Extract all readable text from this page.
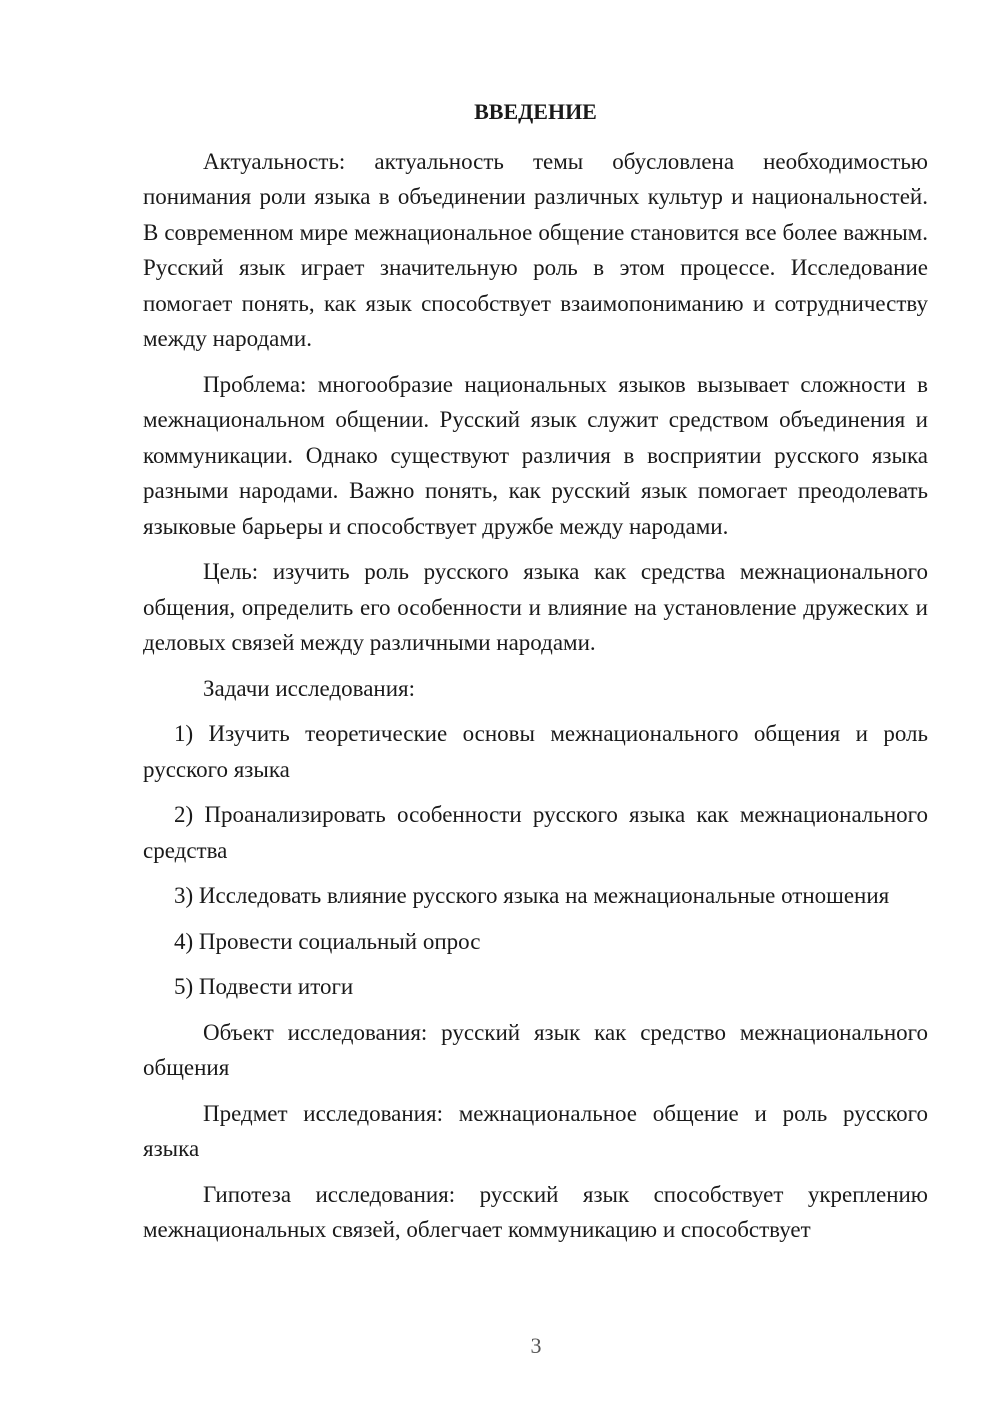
ВВЕДЕНИЕ

Актуальность: актуальность темы обусловлена необходимостью понимания роли языка в объединении различных культур и национальностей. В современном мире межнациональное общение становится все более важным. Русский язык играет значительную роль в этом процессе. Исследование помогает понять, как язык способствует взаимопониманию и сотрудничеству между народами.

Проблема: многообразие национальных языков вызывает сложности в межнациональном общении. Русский язык служит средством объединения и коммуникации. Однако существуют различия в восприятии русского языка разными народами. Важно понять, как русский язык помогает преодолевать языковые барьеры и способствует дружбе между народами.

Цель: изучить роль русского языка как средства межнационального общения, определить его особенности и влияние на установление дружеских и деловых связей между различными народами.

Задачи исследования:

1) Изучить теоретические основы межнационального общения и роль русского языка

2) Проанализировать особенности русского языка как межнационального средства

3) Исследовать влияние русского языка на межнациональные отношения

4) Провести социальный опрос

5) Подвести итоги

Объект исследования: русский язык как средство межнационального общения

Предмет исследования: межнациональное общение и роль русского языка

Гипотеза исследования: русский язык способствует укреплению межнациональных связей, облегчает коммуникацию и способствует

3
